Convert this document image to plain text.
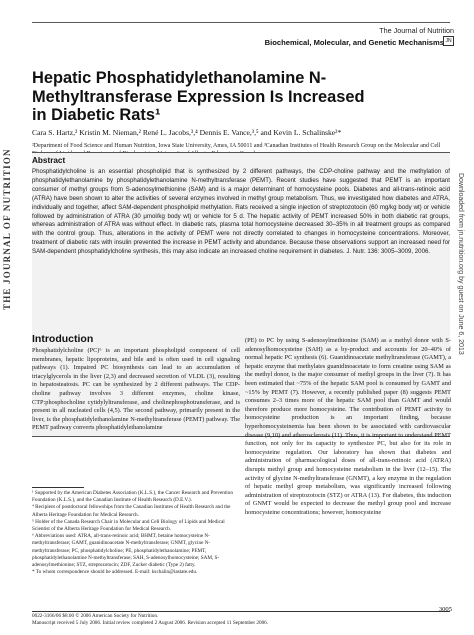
The Journal of Nutrition
Biochemical, Molecular, and Genetic Mechanisms JN
Hepatic Phosphatidylethanolamine N-Methyltransferase Expression Is Increased in Diabetic Rats¹
Cara S. Hartz,² Kristin M. Nieman,² René L. Jacobs,³,⁴ Dennis E. Vance,³,⁵ and Kevin L. Schalinske²*
²Department of Food Science and Human Nutrition, Iowa State University, Ames, IA 50011 and ³Canadian Institutes of Health Research Group on the Molecular and Cell
Abstract
Phosphatidylcholine is an essential phospholipid that is synthesized by 2 different pathways, the CDP-choline pathway and the methylation of phosphatidylethanolamine by phosphatidylethanolamine N-methyltransferase (PEMT). Recent studies have suggested that PEMT is an important consumer of methyl groups from S-adenosylmethionine (SAM) and is a major determinant of homocysteine pools. Diabetes and all-trans-retinoic acid (ATRA) have been shown to alter the activities of several enzymes involved in methyl group metabolism. Thus, we investigated how diabetes and ATRA, individually and together, affect SAM-dependent phospholipid methylation. Rats received a single injection of streptozotocin (60 mg/kg body wt) or vehicle followed by administration of ATRA (30 μmol/kg body wt) or vehicle for 5 d. The hepatic activity of PEMT increased 50% in both diabetic rat groups, whereas administration of ATRA was without effect. In diabetic rats, plasma total homocysteine decreased 30–35% in all treatment groups as compared with the control group. Thus, alterations in the activity of PEMT were not directly correlated to changes in homocysteine concentrations. Moreover, treatment of diabetic rats with insulin prevented the increase in PEMT activity and abundance. Because these observations support an increased need for SAM-dependent phosphatidylcholine synthesis, this may also indicate an increased choline requirement in diabetes. J. Nutr. 136: 3005–3009, 2006.
Introduction
Phosphatidylcholine (PC)⁶ is an important phospholipid component of cell membranes, hepatic lipoproteins, and bile and is often used in cell signaling pathways (1). Impaired PC biosynthesis can lead to an accumulation of triacylglycerols in the liver (2,3) and decreased secretion of VLDL (3), resulting in hepatosteatosis. PC can be synthesized by 2 different pathways. The CDP-choline pathway involves 3 different enzymes, choline kinase, CTP:phosphocholine cytidylyltransferase, and cholinephosphotransferase, and is present in all nucleated cells (4,5). The second pathway, primarily present in the liver, is the phosphatidylethanolamine N-methyltransferase (PEMT) pathway. The PEMT pathway converts phosphatidylethanolamine
(PE) to PC by using S-adenosylmethionine (SAM) as a methyl donor with S-adenosylhomocysteine (SAH) as a by-product and accounts for 20–40% of normal hepatic PC synthesis (6). Guanidinoacetate methyltransferase (GAMT), a hepatic enzyme that methylates guanidinoacetate to form creatine using SAM as the methyl donor, is the major consumer of methyl groups in the liver (7). It has been estimated that ~75% of the hepatic SAM pool is consumed by GAMT and ~15% by PEMT (7). However, a recently published paper (8) suggests PEMT consumes 2–3 times more of the hepatic SAM pool than GAMT and would therefore produce more homocysteine. The contribution of PEMT activity to homocysteine production is an important finding, because hyperhomocysteinemia has been shown to be associated with cardiovascular disease (9,10) and atherosclerosis (11). Thus, it is important to understand PEMT function, not only for its capacity to synthesize PC, but also for its role in homocysteine regulation. Our laboratory has shown that diabetes and administration of pharmacological doses of all-trans-retinoic acid (ATRA) disrupts methyl group and homocysteine metabolism in the liver (12–15). The activity of glycine N-methyltransferase (GNMT), a key enzyme in the regulation of hepatic methyl group metabolism, was significantly increased following administration of streptozotocin (STZ) or ATRA (13). For diabetes, this induction of GNMT would be expected to decrease the methyl group pool and increase homocysteine concentrations; however, homocysteine
¹ Supported by the American Diabetes Association (K.L.S.), the Cancer Research and Prevention Foundation (K.L.S.), and the Canadian Institute of Health Research (D.E.V.).
⁴ Recipient of postdoctoral fellowships from the Canadian Institutes of Health Research and the Alberta Heritage Foundation for Medical Research.
⁵ Holder of the Canada Research Chair in Molecular and Cell Biology of Lipids and Medical Scientist of the Alberta Heritage Foundation for Medical Research.
⁶ Abbreviations used: ATRA, all-trans-retinoic acid; BHMT, betaine homocysteine N-methyltransferase; GAMT, guanidinoacetate N-methyltransferase; GNMT, glycine N-methyltransferase; PC, phosphatidylcholine; PE, phosphatidylethanolamine; PEMT, phosphatidylethanolamine N-methyltransferase; SAH, S-adenosylhomocysteine; SAM, S-adenosylmethionine; STZ, streptozotocin; ZDF, Zucker diabetic (Type 2) fatty.
* To whom correspondence should be addressed. E-mail: kschalin@iastate.edu.
0022-3166/06 $8.00 © 2006 American Society for Nutrition.
Manuscript received 5 July 2006. Initial review completed 2 August 2006. Revision accepted 11 September 2006.
3005
THE JOURNAL OF NUTRITION	Downloaded from jn.nutrition.org by guest on June 6, 2013
